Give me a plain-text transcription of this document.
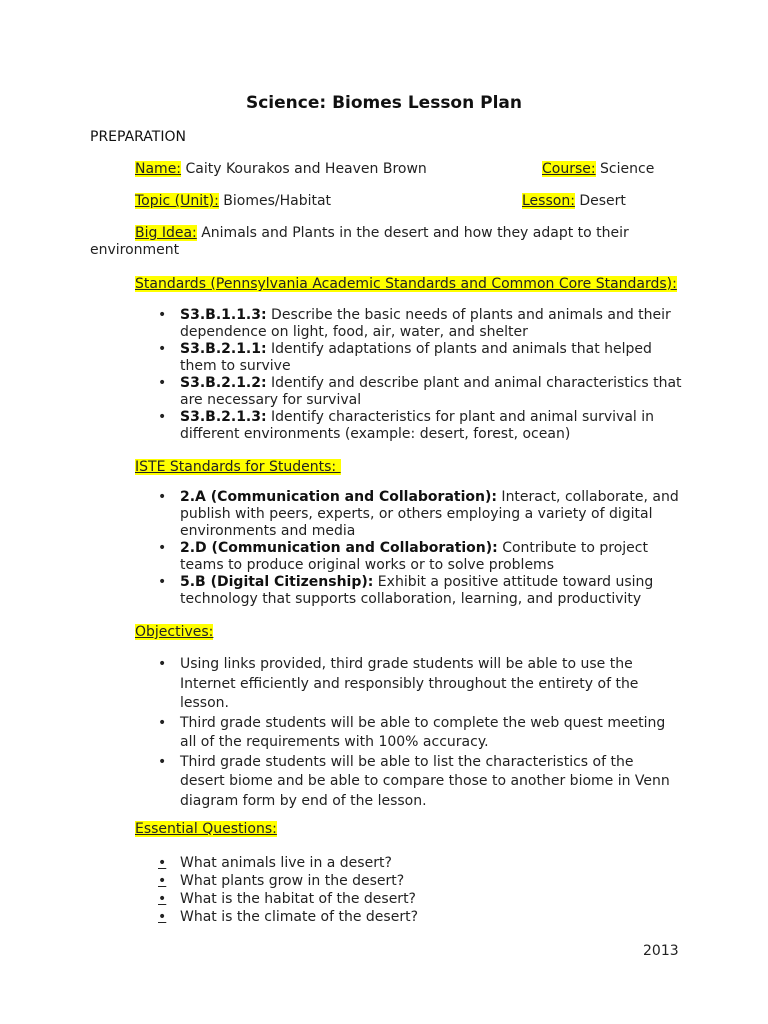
Science: Biomes Lesson Plan
PREPARATION
Name: Caity Kourakos and Heaven Brown	Course: Science
Topic (Unit): Biomes/Habitat	Lesson: Desert
Big Idea: Animals and Plants in the desert and how they adapt to their environment
Standards (Pennsylvania Academic Standards and Common Core Standards):
• S3.B.1.1.3: Describe the basic needs of plants and animals and their dependence on light, food, air, water, and shelter
• S3.B.2.1.1: Identify adaptations of plants and animals that helped them to survive
• S3.B.2.1.2: Identify and describe plant and animal characteristics that are necessary for survival
• S3.B.2.1.3: Identify characteristics for plant and animal survival in different environments (example: desert, forest, ocean)
ISTE Standards for Students:
• 2.A (Communication and Collaboration): Interact, collaborate, and publish with peers, experts, or others employing a variety of digital environments and media
• 2.D (Communication and Collaboration): Contribute to project teams to produce original works or to solve problems
• 5.B (Digital Citizenship): Exhibit a positive attitude toward using technology that supports collaboration, learning, and productivity
Objectives:
• Using links provided, third grade students will be able to use the Internet efficiently and responsibly throughout the entirety of the lesson.
• Third grade students will be able to complete the web quest meeting all of the requirements with 100% accuracy.
• Third grade students will be able to list the characteristics of the desert biome and be able to compare those to another biome in Venn diagram form by end of the lesson.
Essential Questions:
• What animals live in a desert?
• What plants grow in the desert?
• What is the habitat of the desert?
• What is the climate of the desert?
2013
